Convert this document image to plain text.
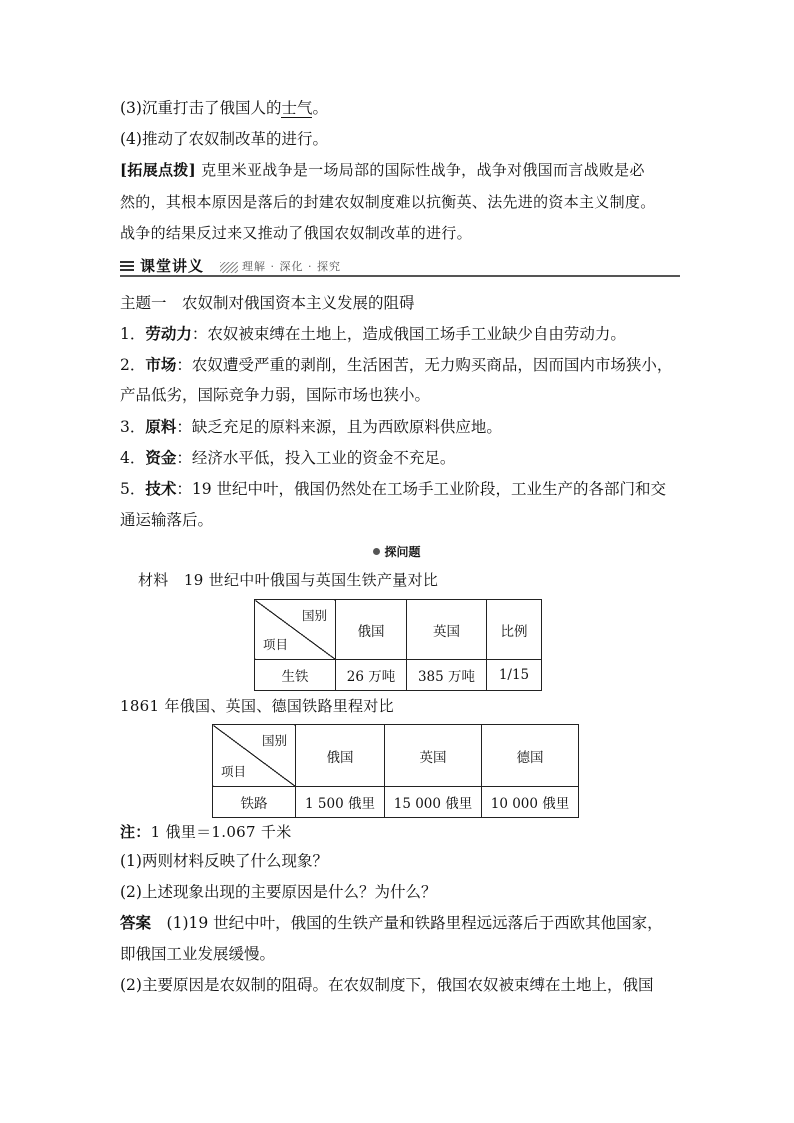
(3)沉重打击了俄国人的士气。
(4)推动了农奴制改革的进行。
[拓展点拨] 克里米亚战争是一场局部的国际性战争，战争对俄国而言战败是必
然的，其根本原因是落后的封建农奴制度难以抗衡英、法先进的资本主义制度。
战争的结果反过来又推动了俄国农奴制改革的进行。
课堂讲义	理解 · 深化 · 探究
主题一　农奴制对俄国资本主义发展的阻碍
1．劳动力：农奴被束缚在土地上，造成俄国工场手工业缺少自由劳动力。
2．市场：农奴遭受严重的剥削，生活困苦，无力购买商品，因而国内市场狭小，
产品低劣，国际竞争力弱，国际市场也狭小。
3．原料：缺乏充足的原料来源，且为西欧原料供应地。
4．资金：经济水平低，投入工业的资金不充足。
5．技术：19 世纪中叶，俄国仍然处在工场手工业阶段，工业生产的各部门和交
通运输落后。
探问题
材料　 19 世纪中叶俄国与英国生铁产量对比
国别
项目	俄国	英国	比例
生铁	26 万吨	385 万吨	1/15
1861 年俄国、英国、德国铁路里程对比
国别
项目	俄国	英国	德国
铁路	1 500 俄里	15 000 俄里	10 000 俄里
注：1 俄里＝1.067 千米
(1)两则材料反映了什么现象？
(2)上述现象出现的主要原因是什么？为什么？
答案　 (1)19 世纪中叶，俄国的生铁产量和铁路里程远远落后于西欧其他国家，
即俄国工业发展缓慢。
(2)主要原因是农奴制的阻碍。在农奴制度下，俄国农奴被束缚在土地上，俄国
